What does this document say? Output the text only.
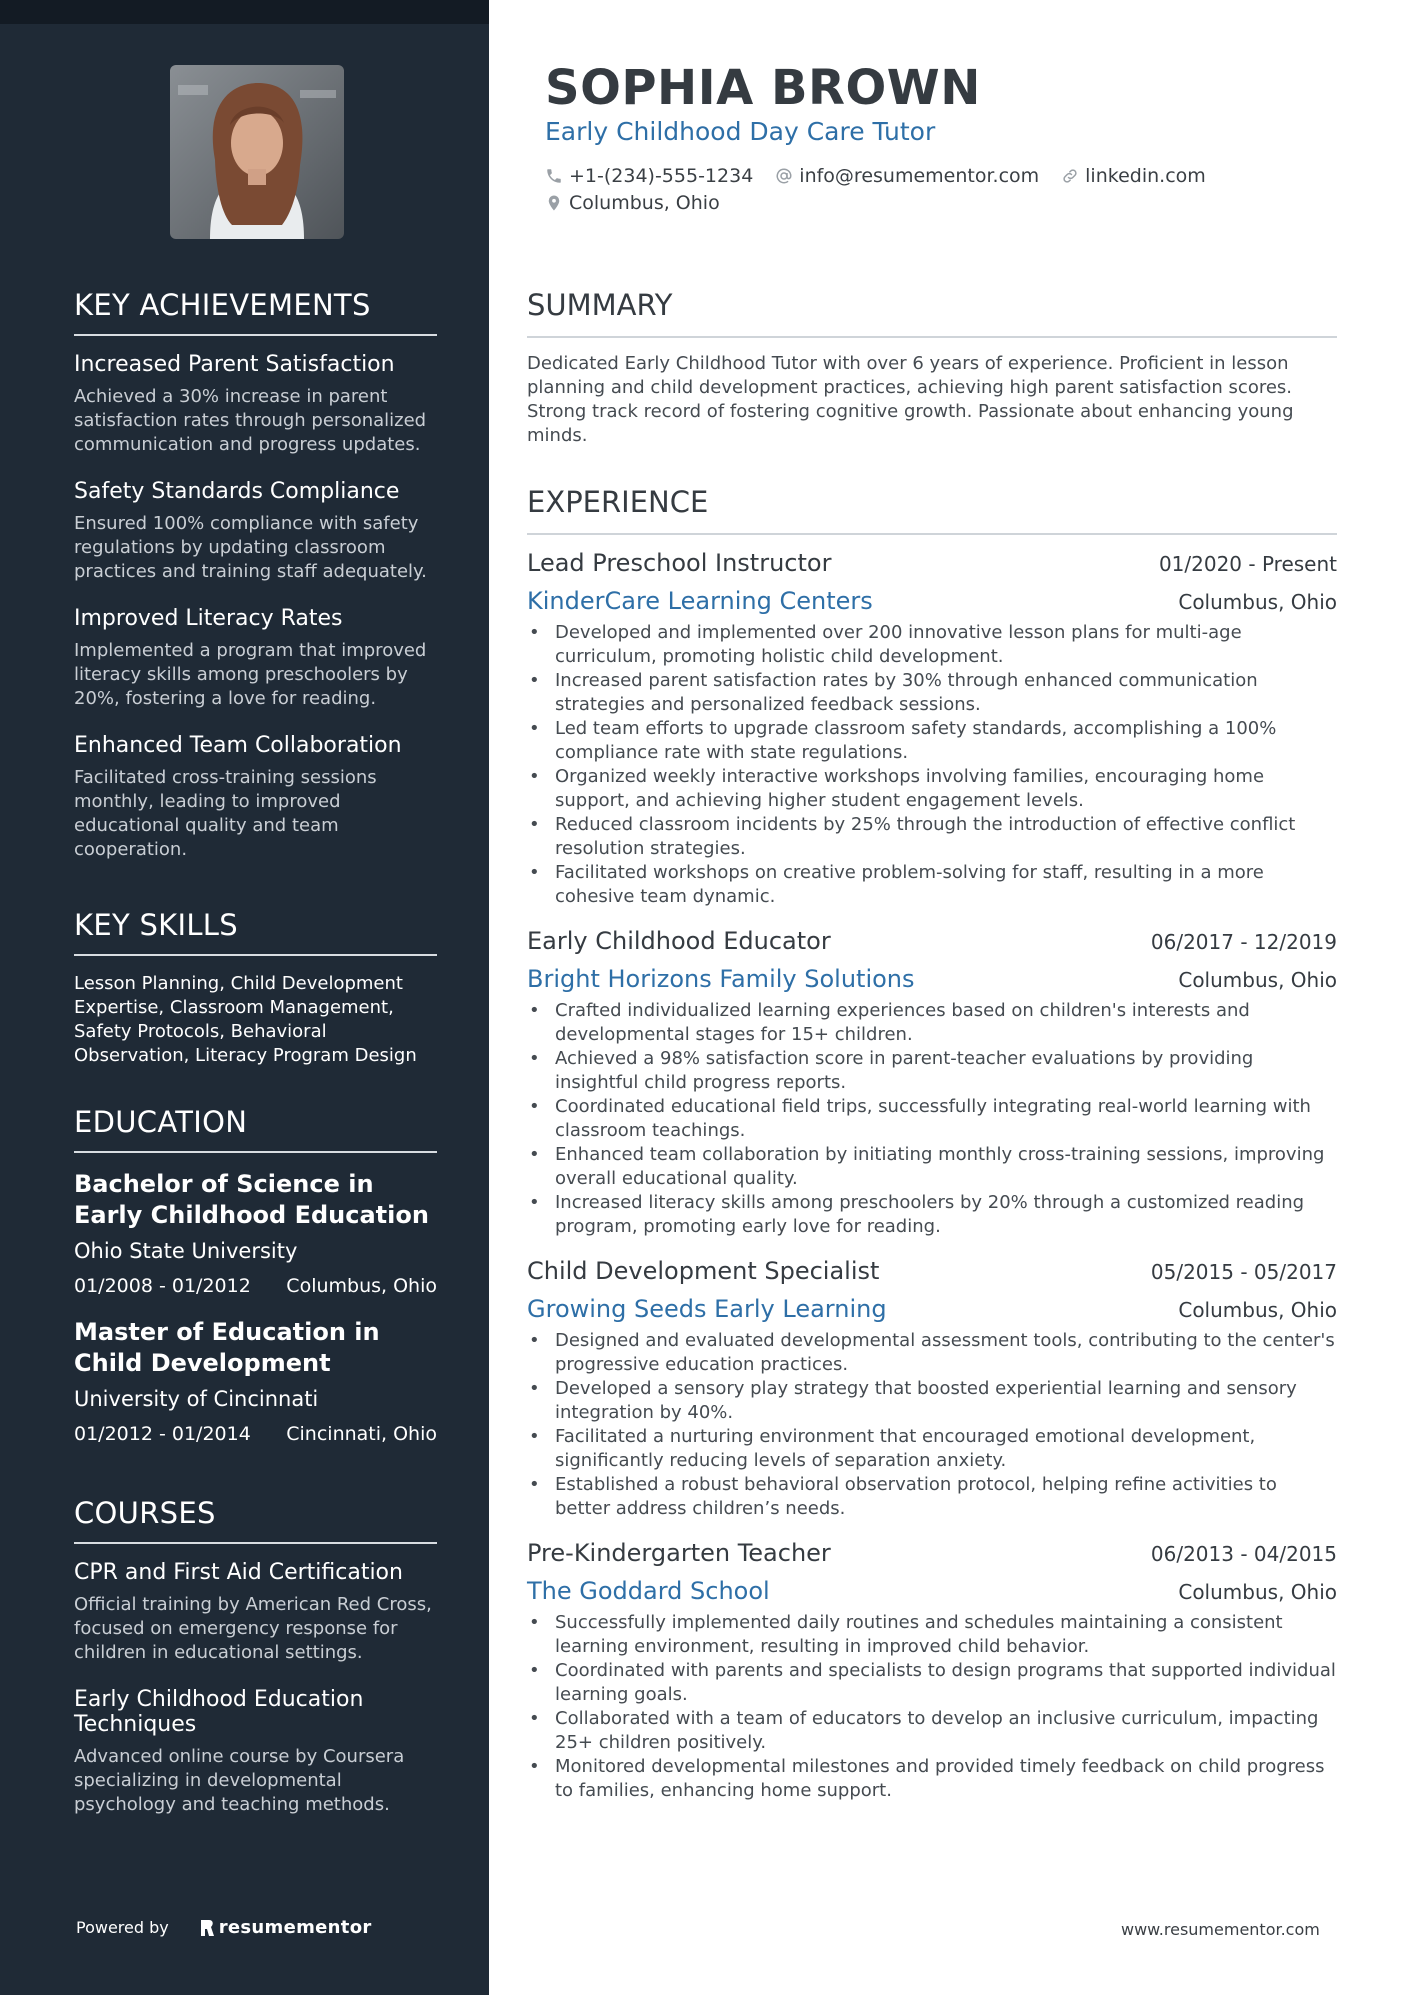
KEY ACHIEVEMENTS
Increased Parent Satisfaction
Achieved a 30% increase in parent satisfaction rates through personalized communication and progress updates.
Safety Standards Compliance
Ensured 100% compliance with safety regulations by updating classroom practices and training staff adequately.
Improved Literacy Rates
Implemented a program that improved literacy skills among preschoolers by 20%, fostering a love for reading.
Enhanced Team Collaboration
Facilitated cross-training sessions monthly, leading to improved educational quality and team cooperation.
KEY SKILLS
Lesson Planning, Child Development Expertise, Classroom Management, Safety Protocols, Behavioral Observation, Literacy Program Design
EDUCATION
Bachelor of Science in Early Childhood Education
Ohio State University
01/2008 - 01/2012 Columbus, Ohio
Master of Education in Child Development
University of Cincinnati
01/2012 - 01/2014 Cincinnati, Ohio
COURSES
CPR and First Aid Certification
Official training by American Red Cross, focused on emergency response for children in educational settings.
Early Childhood Education Techniques
Advanced online course by Coursera specializing in developmental psychology and teaching methods.
Powered by	resumementor
SOPHIA BROWN
Early Childhood Day Care Tutor
+1-(234)-555-1234 info@resumementor.com linkedin.com
Columbus, Ohio
SUMMARY
Dedicated Early Childhood Tutor with over 6 years of experience. Proficient in lesson planning and child development practices, achieving high parent satisfaction scores. Strong track record of fostering cognitive growth. Passionate about enhancing young minds.
EXPERIENCE
Lead Preschool Instructor	01/2020 - Present
KinderCare Learning Centers	Columbus, Ohio
• Developed and implemented over 200 innovative lesson plans for multi-age curriculum, promoting holistic child development.
• Increased parent satisfaction rates by 30% through enhanced communication strategies and personalized feedback sessions.
• Led team efforts to upgrade classroom safety standards, accomplishing a 100% compliance rate with state regulations.
• Organized weekly interactive workshops involving families, encouraging home support, and achieving higher student engagement levels.
• Reduced classroom incidents by 25% through the introduction of effective conflict resolution strategies.
• Facilitated workshops on creative problem-solving for staff, resulting in a more cohesive team dynamic.
Early Childhood Educator	06/2017 - 12/2019
Bright Horizons Family Solutions	Columbus, Ohio
• Crafted individualized learning experiences based on children's interests and developmental stages for 15+ children.
• Achieved a 98% satisfaction score in parent-teacher evaluations by providing insightful child progress reports.
• Coordinated educational field trips, successfully integrating real-world learning with classroom teachings.
• Enhanced team collaboration by initiating monthly cross-training sessions, improving overall educational quality.
• Increased literacy skills among preschoolers by 20% through a customized reading program, promoting early love for reading.
Child Development Specialist	05/2015 - 05/2017
Growing Seeds Early Learning	Columbus, Ohio
• Designed and evaluated developmental assessment tools, contributing to the center's progressive education practices.
• Developed a sensory play strategy that boosted experiential learning and sensory integration by 40%.
• Facilitated a nurturing environment that encouraged emotional development, significantly reducing levels of separation anxiety.
• Established a robust behavioral observation protocol, helping refine activities to better address children’s needs.
Pre-Kindergarten Teacher	06/2013 - 04/2015
The Goddard School	Columbus, Ohio
• Successfully implemented daily routines and schedules maintaining a consistent learning environment, resulting in improved child behavior.
• Coordinated with parents and specialists to design programs that supported individual learning goals.
• Collaborated with a team of educators to develop an inclusive curriculum, impacting 25+ children positively.
• Monitored developmental milestones and provided timely feedback on child progress to families, enhancing home support.
www.resumementor.com
